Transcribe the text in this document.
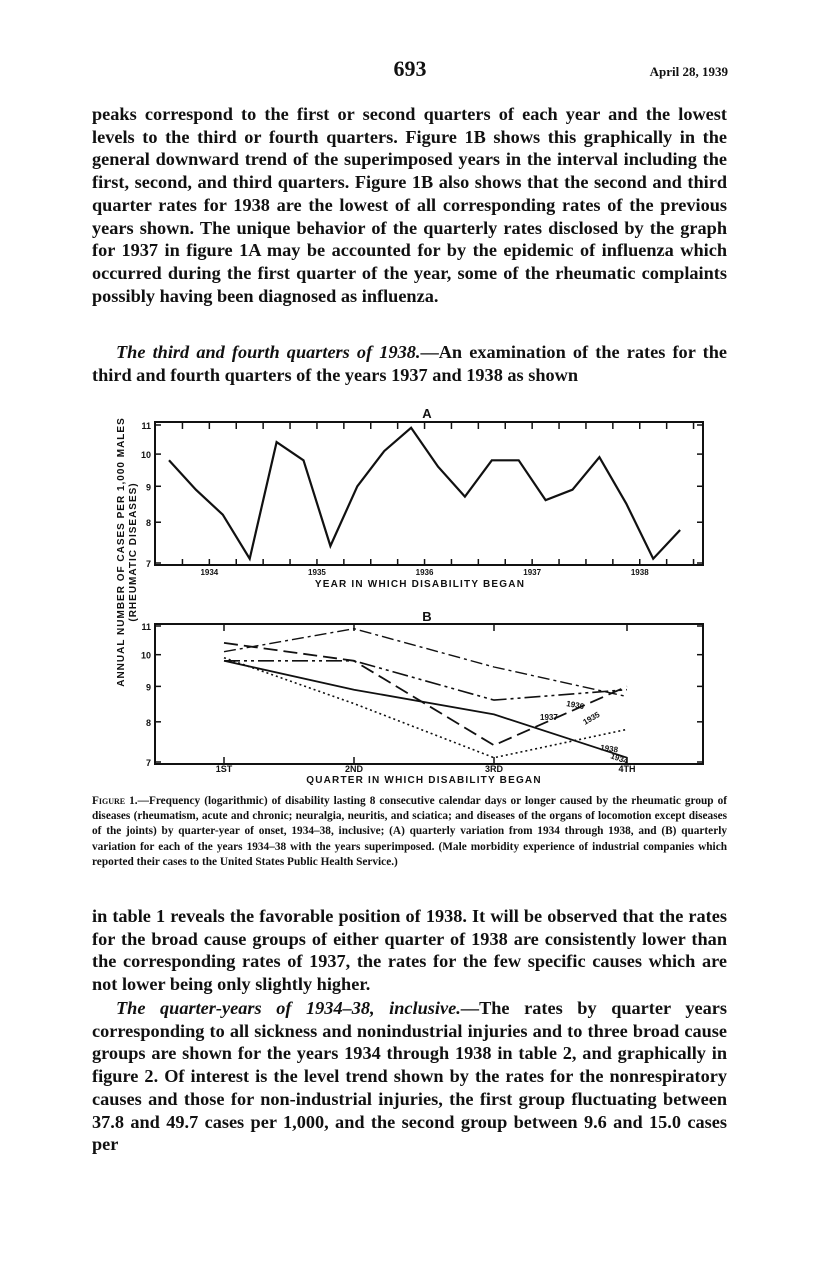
693	April 28, 1939

peaks correspond to the first or second quarters of each year and the lowest levels to the third or fourth quarters. Figure 1B shows this graphically in the general downward trend of the superimposed years in the interval including the first, second, and third quarters. Figure 1B also shows that the second and third quarter rates for 1938 are the lowest of all corresponding rates of the previous years shown. The unique behavior of the quarterly rates disclosed by the graph for 1937 in figure 1A may be accounted for by the epidemic of influenza which occurred during the first quarter of the year, some of the rheumatic complaints possibly having been diagnosed as influenza.

The third and fourth quarters of 1938.—An examination of the rates for the third and fourth quarters of the years 1937 and 1938 as shown

A
7
8
9
10
11
1934	1935	1936	1937	1938
YEAR IN WHICH DISABILITY BEGAN
ANNUAL NUMBER OF CASES PER 1,000 MALES (RHEUMATIC DISEASES)	B
7
8
9
10
11
1ST	2ND	3RD	4TH
1934
1935
1936
1937
1938
QUARTER IN WHICH DISABILITY BEGAN

Figure 1.—Frequency (logarithmic) of disability lasting 8 consecutive calendar days or longer caused by the rheumatic group of diseases (rheumatism, acute and chronic; neuralgia, neuritis, and sciatica; and diseases of the organs of locomotion except diseases of the joints) by quarter-year of onset, 1934–38, inclusive; (A) quarterly variation from 1934 through 1938, and (B) quarterly variation for each of the years 1934–38 with the years superimposed. (Male morbidity experience of industrial companies which reported their cases to the United States Public Health Service.)

in table 1 reveals the favorable position of 1938. It will be observed that the rates for the broad cause groups of either quarter of 1938 are consistently lower than the corresponding rates of 1937, the rates for the few specific causes which are not lower being only slightly higher.

The quarter-years of 1934–38, inclusive.—The rates by quarter years corresponding to all sickness and nonindustrial injuries and to three broad cause groups are shown for the years 1934 through 1938 in table 2, and graphically in figure 2. Of interest is the level trend shown by the rates for the nonrespiratory causes and those for non-industrial injuries, the first group fluctuating between 37.8 and 49.7 cases per 1,000, and the second group between 9.6 and 15.0 cases per
